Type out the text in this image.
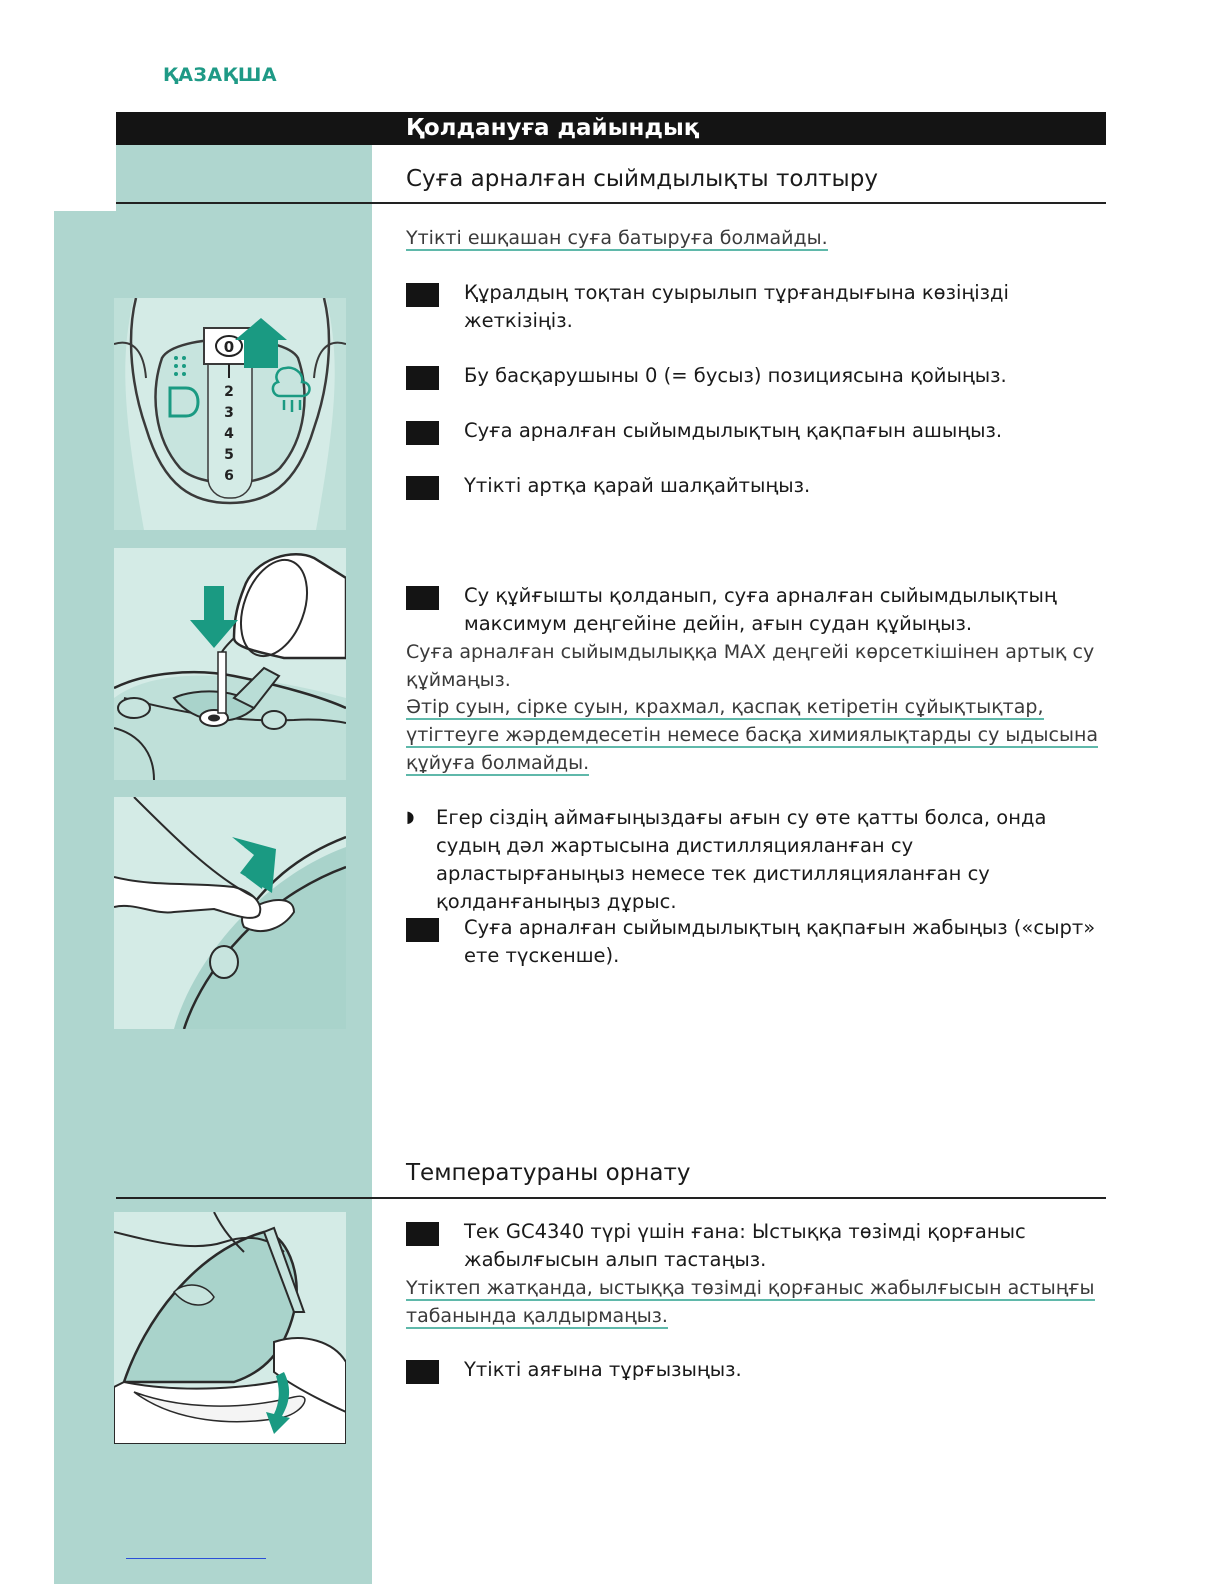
ҚАЗАҚША
Қолдануға дайындық
Суға арналған сыймдылықты толтыру
Үтікті ешқашан суға батыруға болмайды.
Құралдың тоқтан суырылып тұрғандығына көзіңізді жеткізіңіз.
Бу басқарушыны 0 (= бусыз) позициясына қойыңыз.
Суға арналған сыйымдылықтың қақпағын ашыңыз.
Үтікті артқа қарай шалқайтыңыз.
Су құйғышты қолданып, суға арналған сыйымдылықтың максимум деңгейіне дейін, ағын судан құйыңыз.
Суға арналған сыйымдылыққа MAX деңгейі көрсеткішінен артық су құймаңыз.
Әтір суын, сірке суын, крахмал, қаспақ кетіретін сұйықтықтар, үтігтеуге жәрдемдесетін немесе басқа химиялықтарды су ыдысына құйуға болмайды.
◗ Егер сіздің аймағыңыздағы ағын су өте қатты болса, онда судың дәл жартысына дистилляцияланған су арластырғаныңыз немесе тек дистилляцияланған су қолданғаныңыз дұрыс.
Суға арналған сыйымдылықтың қақпағын жабыңыз («сырт» ете түскенше).
Температураны орнату
Тек GC4340 түрі үшін ғана: Ыстыққа төзімді қорғаныс жабылғысын алып тастаңыз.
Үтіктеп жатқанда, ыстыққа төзімді қорғаныс жабылғысын астыңғы табанында қалдырмаңыз.
Үтікті аяғына тұрғызыңыз.
0
2
3
4
5
6
